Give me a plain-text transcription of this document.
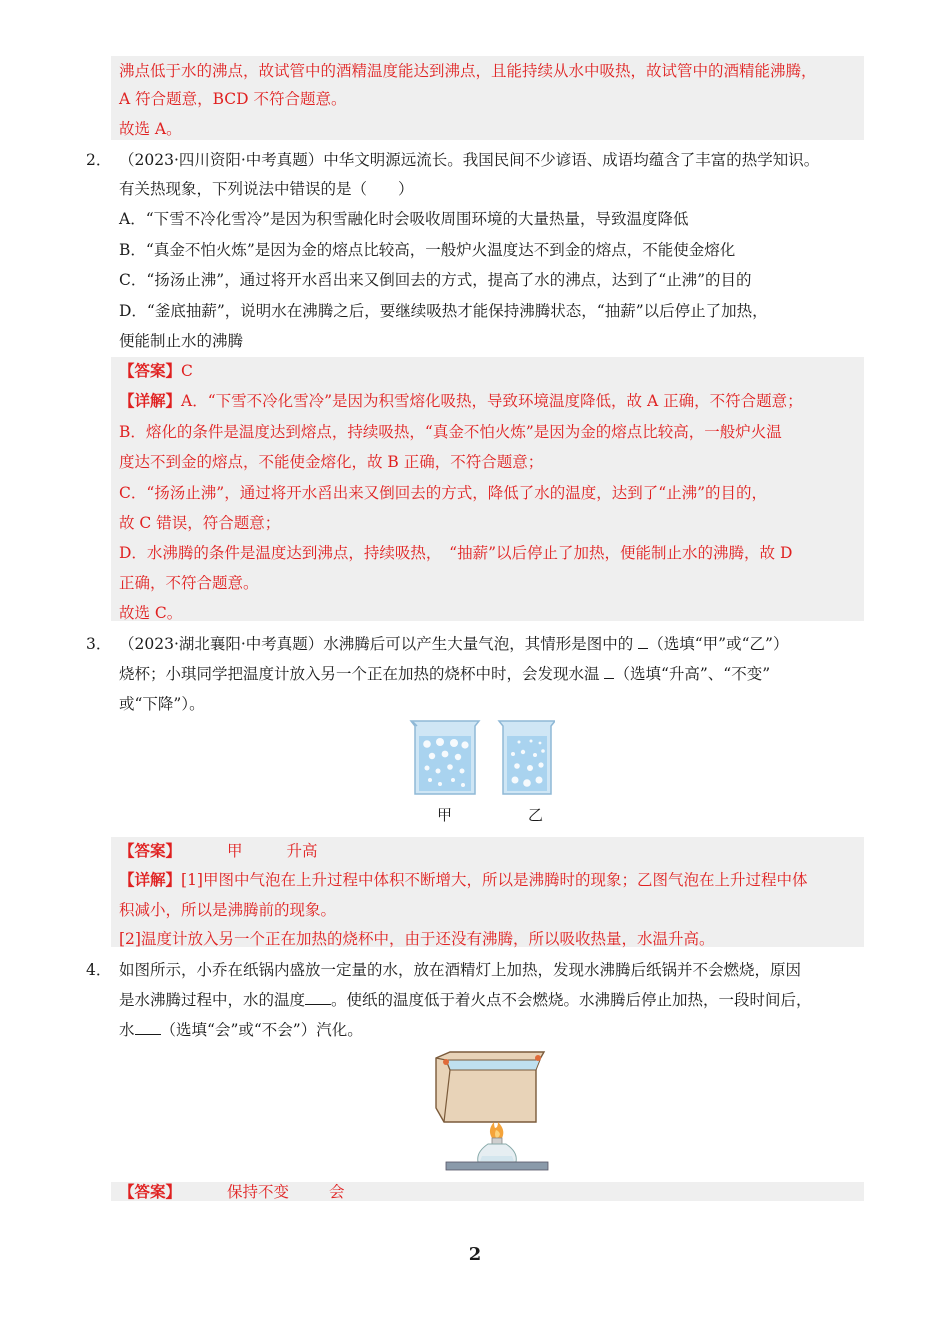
沸点低于水的沸点，故试管中的酒精温度能达到沸点，且能持续从水中吸热，故试管中的酒精能沸腾，
A 符合题意，BCD 不符合题意。
故选 A。
2． （2023·四川资阳·中考真题）中华文明源远流长。我国民间不少谚语、成语均蕴含了丰富的热学知识。
有关热现象，下列说法中错误的是（　　）
A．“下雪不冷化雪冷”是因为积雪融化时会吸收周围环境的大量热量，导致温度降低
B．“真金不怕火炼”是因为金的熔点比较高，一般炉火温度达不到金的熔点，不能使金熔化
C．“扬汤止沸”，通过将开水舀出来又倒回去的方式，提高了水的沸点，达到了“止沸”的目的
D．“釜底抽薪”，说明水在沸腾之后，要继续吸热才能保持沸腾状态，“抽薪”以后停止了加热，
便能制止水的沸腾
【答案】C
【详解】A．“下雪不冷化雪冷”是因为积雪熔化吸热，导致环境温度降低，故 A 正确，不符合题意；
B．熔化的条件是温度达到熔点，持续吸热，“真金不怕火炼”是因为金的熔点比较高，一般炉火温
度达不到金的熔点，不能使金熔化，故 B 正确，不符合题意；
C．“扬汤止沸”，通过将开水舀出来又倒回去的方式，降低了水的温度，达到了“止沸”的目的，
故 C 错误，符合题意；
D．水沸腾的条件是温度达到沸点，持续吸热，　“抽薪”以后停止了加热，便能制止水的沸腾，故 D
正确，不符合题意。
故选 C。
3． （2023·湖北襄阳·中考真题）水沸腾后可以产生大量气泡，其情形是图中的 （选填“甲”或“乙”）
烧杯；小琪同学把温度计放入另一个正在加热的烧杯中时，会发现水温 （选填“升高”、“不变”
或“下降”）。
甲	乙
【答案】	甲	升高
【详解】[1]甲图中气泡在上升过程中体积不断增大，所以是沸腾时的现象；乙图气泡在上升过程中体
积减小，所以是沸腾前的现象。
[2]温度计放入另一个正在加热的烧杯中，由于还没有沸腾，所以吸收热量，水温升高。
4． 如图所示，小乔在纸锅内盛放一定量的水，放在酒精灯上加热，发现水沸腾后纸锅并不会燃烧，原因
是水沸腾过程中，水的温度 。使纸的温度低于着火点不会燃烧。水沸腾后停止加热，一段时间后，
水 （选填“会”或“不会”）汽化。
【答案】	保持不变	会
2
